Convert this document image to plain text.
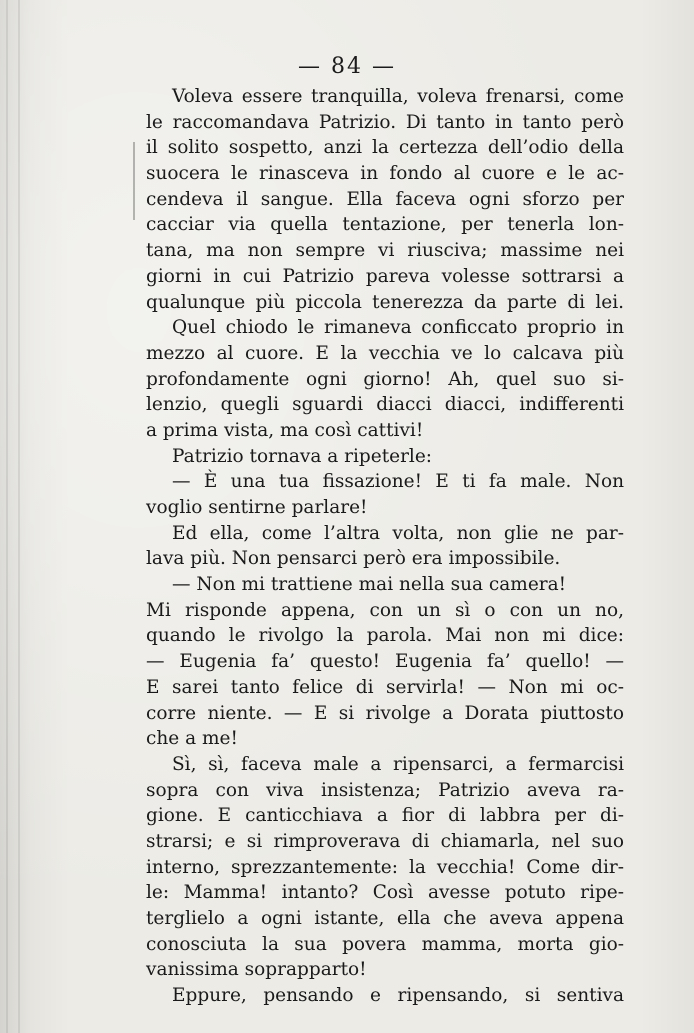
— 84 —
Voleva essere tranquilla, voleva frenarsi, come
le raccomandava Patrizio. Di tanto in tanto però
il solito sospetto, anzi la certezza dell’odio della
suocera le rinasceva in fondo al cuore e le ac-
cendeva il sangue. Ella faceva ogni sforzo per
cacciar via quella tentazione, per tenerla lon-
tana, ma non sempre vi riusciva; massime nei
giorni in cui Patrizio pareva volesse sottrarsi a
qualunque più piccola tenerezza da parte di lei.
Quel chiodo le rimaneva conficcato proprio in
mezzo al cuore. E la vecchia ve lo calcava più
profondamente ogni giorno! Ah, quel suo si-
lenzio, quegli sguardi diacci diacci, indifferenti
a prima vista, ma così cattivi!
Patrizio tornava a ripeterle:
— È una tua fissazione! E ti fa male. Non
voglio sentirne parlare!
Ed ella, come l’altra volta, non glie ne par-
lava più. Non pensarci però era impossibile.
— Non mi trattiene mai nella sua camera!
Mi risponde appena, con un sì o con un no,
quando le rivolgo la parola. Mai non mi dice:
— Eugenia fa’ questo! Eugenia fa’ quello! —
E sarei tanto felice di servirla! — Non mi oc-
corre niente. — E si rivolge a Dorata piuttosto
che a me!
Sì, sì, faceva male a ripensarci, a fermarcisi
sopra con viva insistenza; Patrizio aveva ra-
gione. E canticchiava a fior di labbra per di-
strarsi; e si rimproverava di chiamarla, nel suo
interno, sprezzantemente: la vecchia! Come dir-
le: Mamma! intanto? Così avesse potuto ripe-
terglielo a ogni istante, ella che aveva appena
conosciuta la sua povera mamma, morta gio-
vanissima soprapparto!
Eppure, pensando e ripensando, si sentiva
